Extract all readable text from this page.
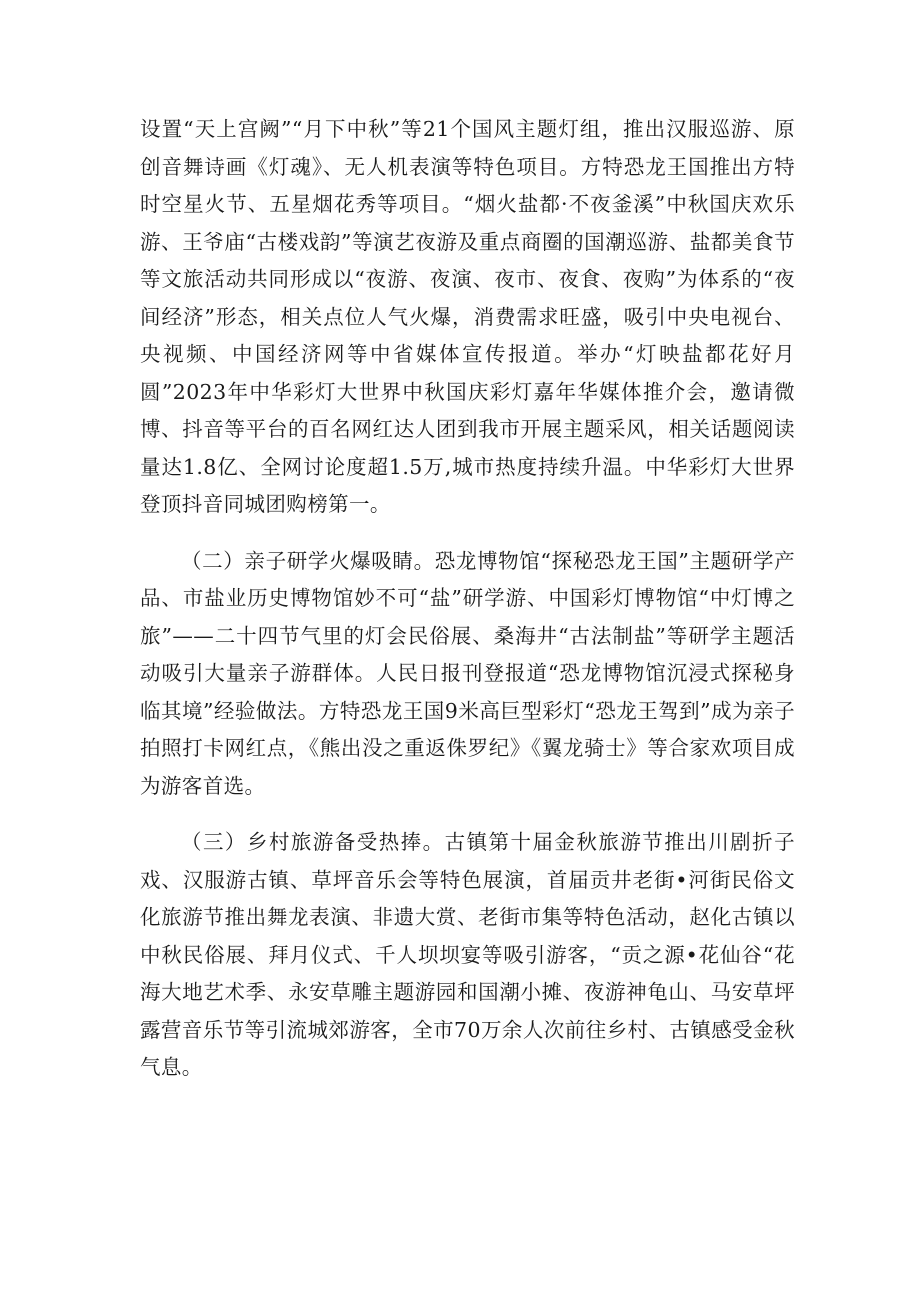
设置“天上宫阙”“月下中秋”等21个国风主题灯组，推出汉服巡游、原创音舞诗画《灯魂》、无人机表演等特色项目。方特恐龙王国推出方特时空星火节、五星烟花秀等项目。“烟火盐都·不夜釜溪”中秋国庆欢乐游、王爷庙“古楼戏韵”等演艺夜游及重点商圈的国潮巡游、盐都美食节等文旅活动共同形成以“夜游、夜演、夜市、夜食、夜购”为体系的“夜间经济”形态，相关点位人气火爆，消费需求旺盛，吸引中央电视台、央视频、中国经济网等中省媒体宣传报道。举办“灯映盐都花好月圆”2023年中华彩灯大世界中秋国庆彩灯嘉年华媒体推介会，邀请微博、抖音等平台的百名网红达人团到我市开展主题采风，相关话题阅读量达1.8亿、全网讨论度超1.5万,城市热度持续升温。中华彩灯大世界登顶抖音同城团购榜第一。

（二）亲子研学火爆吸睛。恐龙博物馆“探秘恐龙王国”主题研学产品、市盐业历史博物馆妙不可“盐”研学游、中国彩灯博物馆“中灯博之旅”——二十四节气里的灯会民俗展、桑海井“古法制盐”等研学主题活动吸引大量亲子游群体。人民日报刊登报道“恐龙博物馆沉浸式探秘身临其境”经验做法。方特恐龙王国9米高巨型彩灯“恐龙王驾到”成为亲子拍照打卡网红点，《熊出没之重返侏罗纪》《翼龙骑士》等合家欢项目成为游客首选。

（三）乡村旅游备受热捧。古镇第十届金秋旅游节推出川剧折子戏、汉服游古镇、草坪音乐会等特色展演，首届贡井老街•河街民俗文化旅游节推出舞龙表演、非遗大赏、老街市集等特色活动，赵化古镇以中秋民俗展、拜月仪式、千人坝坝宴等吸引游客，“贡之源•花仙谷“花海大地艺术季、永安草雕主题游园和国潮小摊、夜游神龟山、马安草坪露营音乐节等引流城郊游客，全市70万余人次前往乡村、古镇感受金秋气息。
